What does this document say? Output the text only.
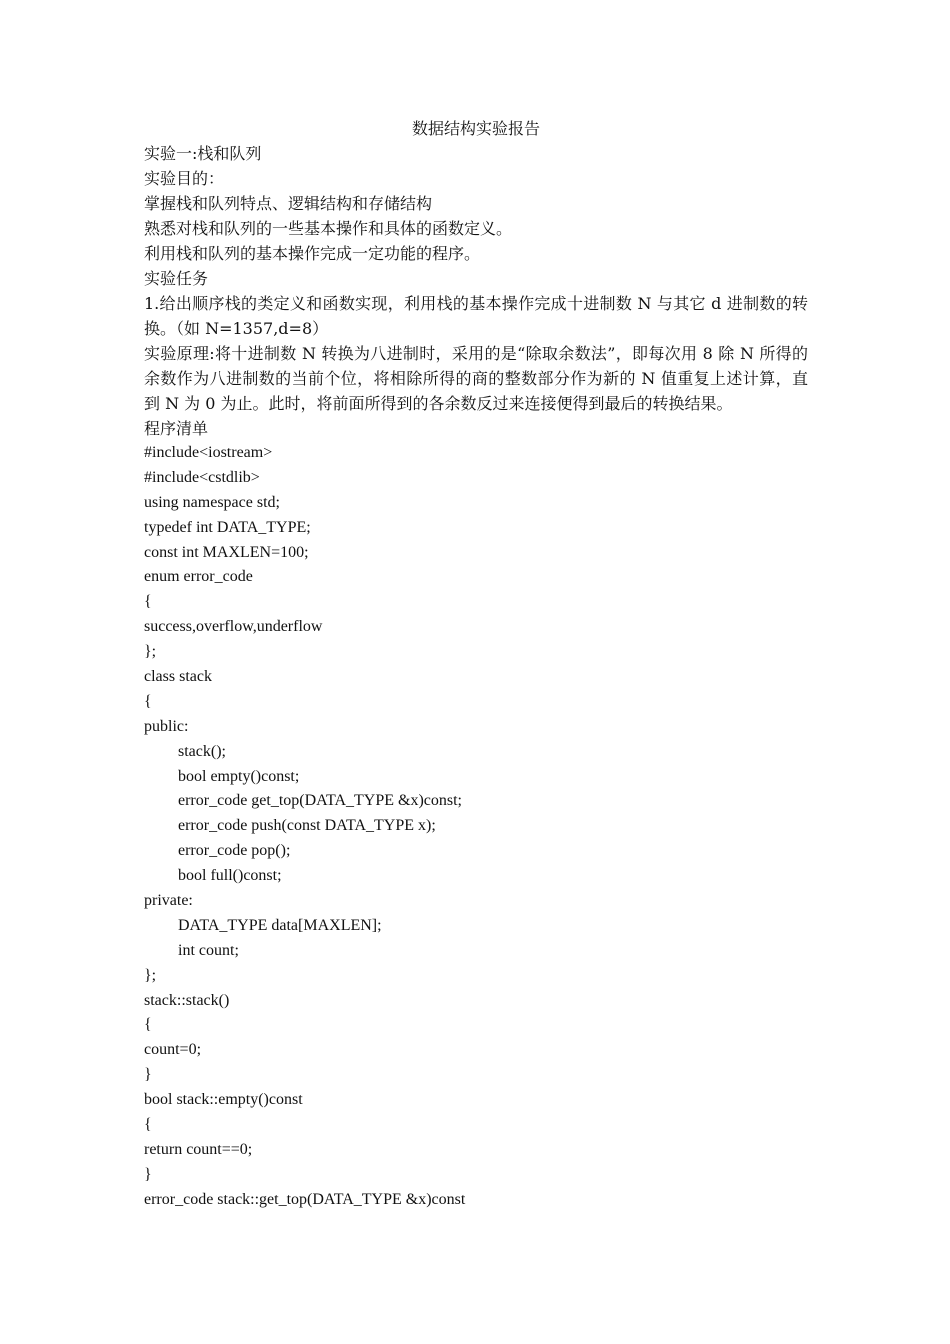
数据结构实验报告
实验一:栈和队列
实验目的：
掌握栈和队列特点、逻辑结构和存储结构
熟悉对栈和队列的一些基本操作和具体的函数定义。
利用栈和队列的基本操作完成一定功能的程序。
实验任务
1.给出顺序栈的类定义和函数实现，利用栈的基本操作完成十进制数 N 与其它 d 进制数的转换。（如 N=1357,d=8）
实验原理:将十进制数 N 转换为八进制时，采用的是“除取余数法”，即每次用 8 除 N 所得的余数作为八进制数的当前个位，将相除所得的商的整数部分作为新的 N 值重复上述计算，直到 N 为 0 为止。此时，将前面所得到的各余数反过来连接便得到最后的转换结果。
程序清单
#include<iostream>
#include<cstdlib>
using namespace std;
typedef int DATA_TYPE;
const int MAXLEN=100;
enum error_code
{
success,overflow,underflow
};
class stack
{
public:
stack();
bool empty()const;
error_code get_top(DATA_TYPE &x)const;
error_code push(const DATA_TYPE x);
error_code pop();
bool full()const;
private:
DATA_TYPE data[MAXLEN];
int count;
};
stack::stack()
{
count=0;
}
bool stack::empty()const
{
return count==0;
}
error_code stack::get_top(DATA_TYPE &x)const
